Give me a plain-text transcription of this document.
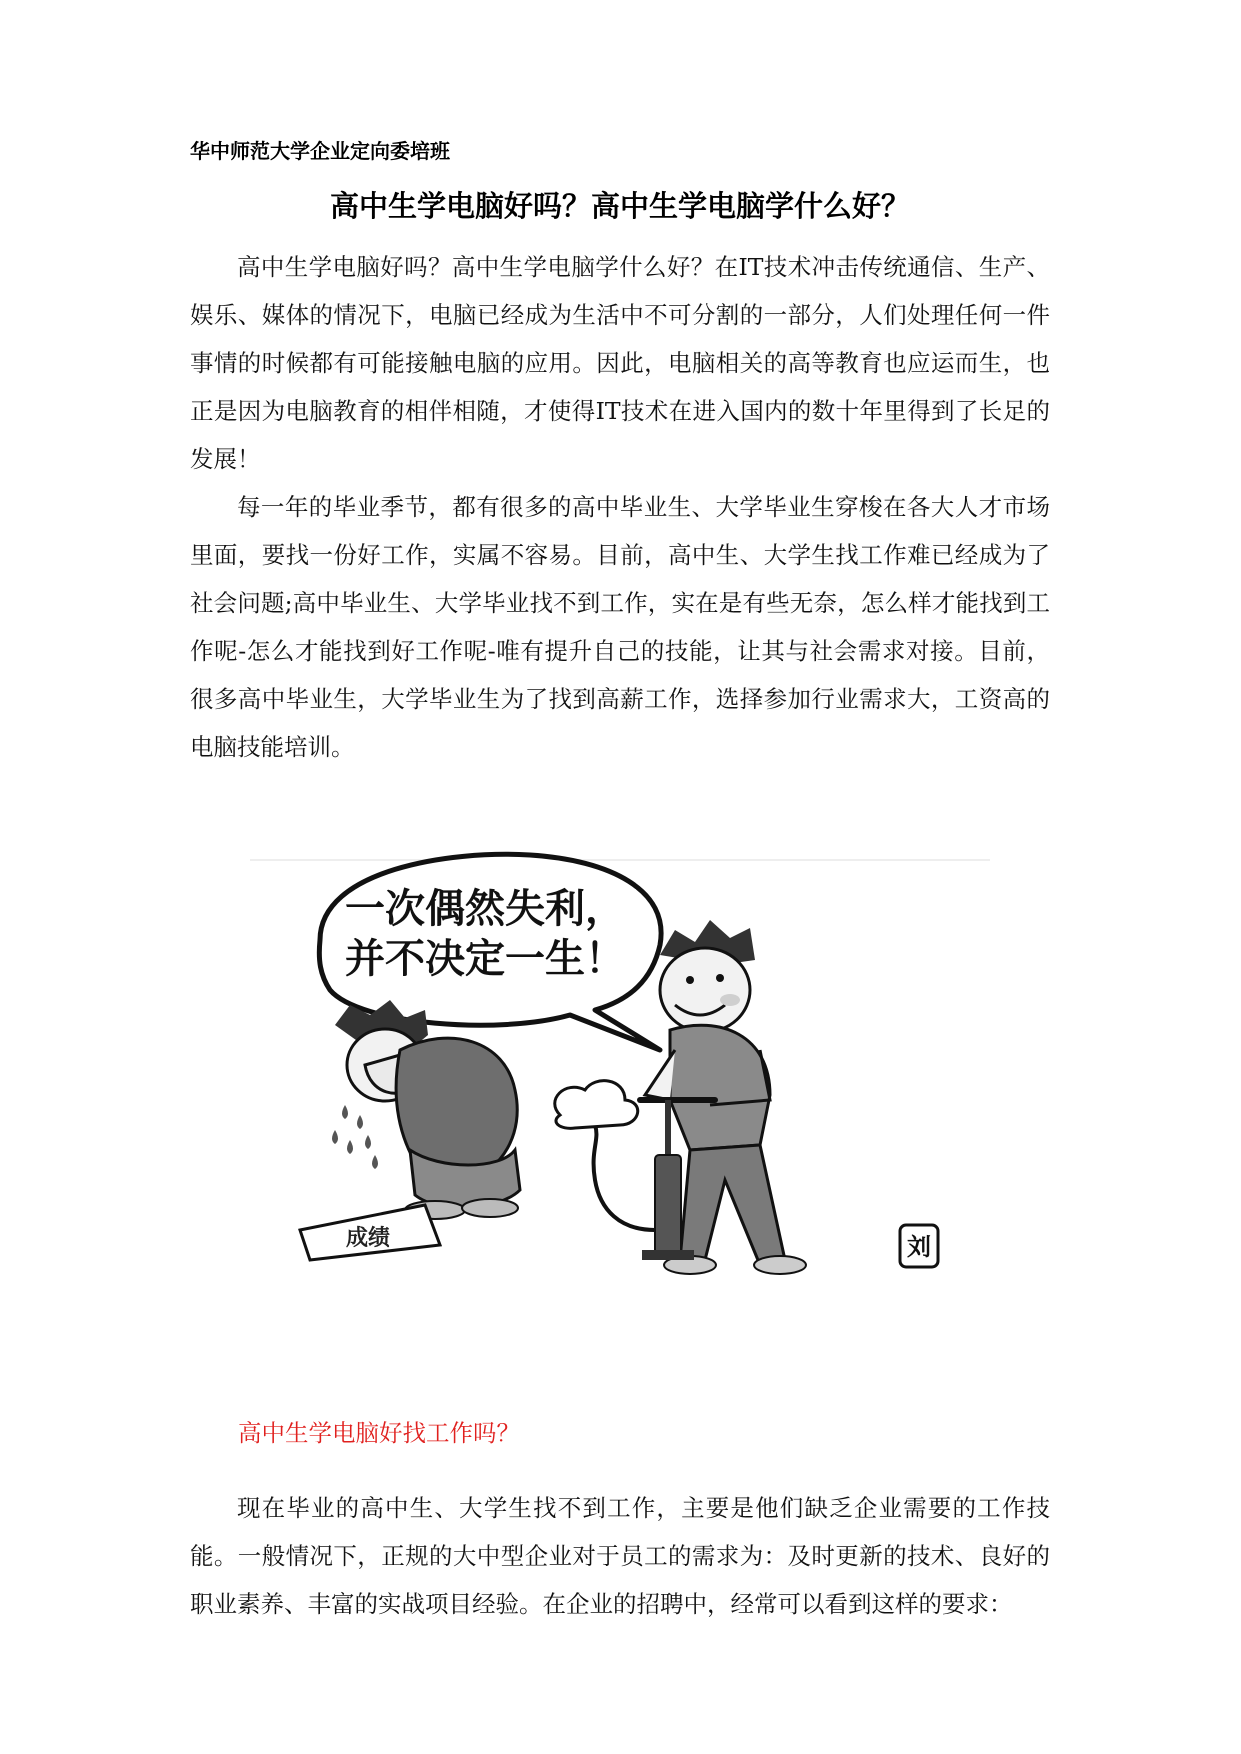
华中师范大学企业定向委培班
高中生学电脑好吗？高中生学电脑学什么好？
高中生学电脑好吗？高中生学电脑学什么好？在IT技术冲击传统通信、生产、娱乐、媒体的情况下，电脑已经成为生活中不可分割的一部分，人们处理任何一件事情的时候都有可能接触电脑的应用。因此，电脑相关的高等教育也应运而生，也正是因为电脑教育的相伴相随，才使得IT技术在进入国内的数十年里得到了长足的发展！
每一年的毕业季节，都有很多的高中毕业生、大学毕业生穿梭在各大人才市场里面，要找一份好工作，实属不容易。目前，高中生、大学生找工作难已经成为了社会问题;高中毕业生、大学毕业找不到工作，实在是有些无奈，怎么样才能找到工作呢-怎么才能找到好工作呢-唯有提升自己的技能，让其与社会需求对接。目前，很多高中毕业生，大学毕业生为了找到高薪工作，选择参加行业需求大，工资高的电脑技能培训。
一次偶然失利，
并不决定一生！
成绩	刘
高中生学电脑好找工作吗？
现在毕业的高中生、大学生找不到工作，主要是他们缺乏企业需要的工作技能。一般情况下，正规的大中型企业对于员工的需求为：及时更新的技术、良好的职业素养、丰富的实战项目经验。在企业的招聘中，经常可以看到这样的要求：
